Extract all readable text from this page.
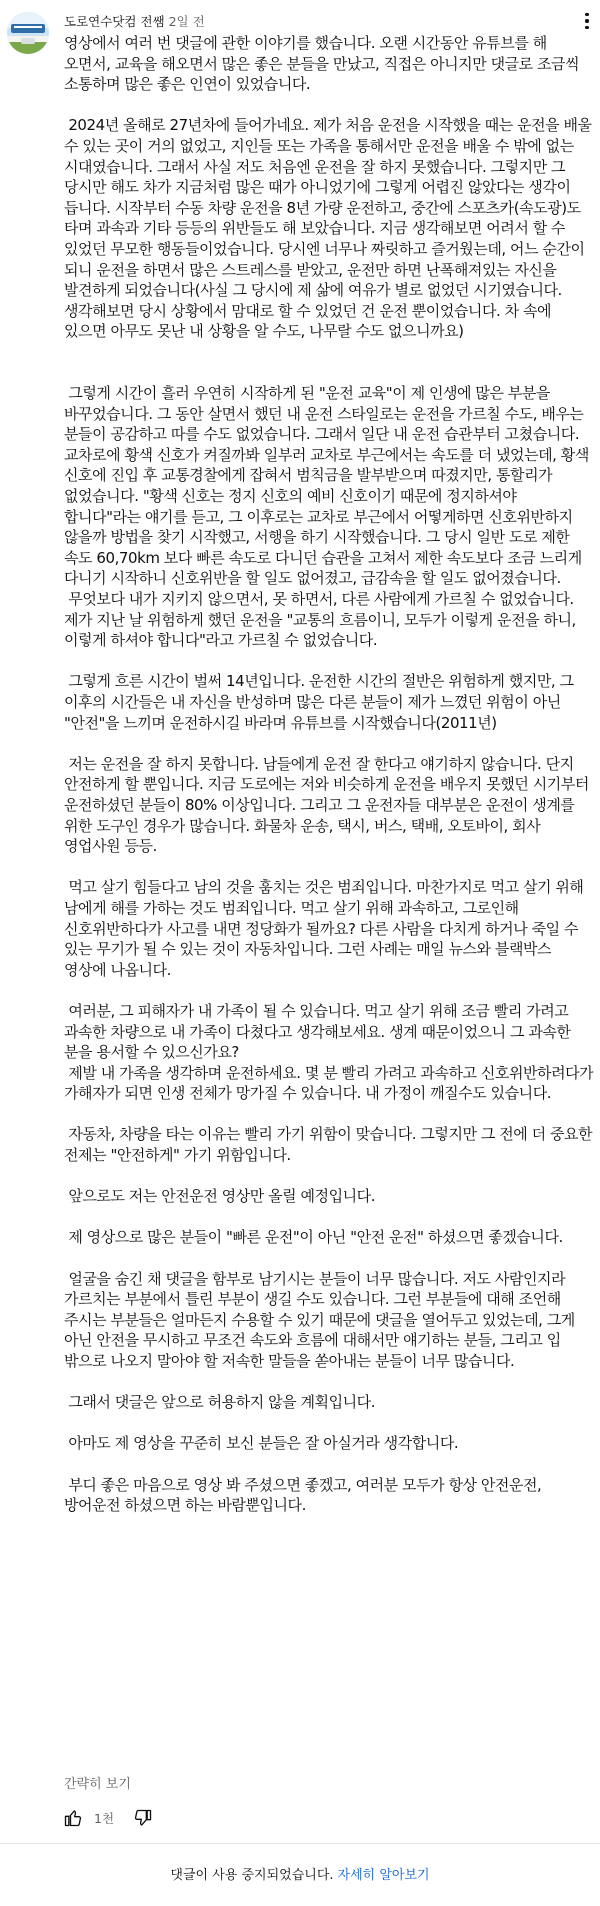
도로연수닷컴 전쌤 2일 전

영상에서 여러 번 댓글에 관한 이야기를 했습니다. 오랜 시간동안 유튜브를 해 오면서, 교육을 해오면서 많은 좋은 분들을 만났고, 직접은 아니지만 댓글로 조금씩 소통하며 많은 좋은 인연이 있었습니다.

2024년 올해로 27년차에 들어가네요. 제가 처음 운전을 시작했을 때는 운전을 배울 수 있는 곳이 거의 없었고, 지인들 또는 가족을 통해서만 운전을 배울 수 밖에 없는 시대였습니다. 그래서 사실 저도 처음엔 운전을 잘 하지 못했습니다. 그렇지만 그 당시만 해도 차가 지금처럼 많은 때가 아니었기에 그렇게 어렵진 않았다는 생각이 듭니다. 시작부터 수동 차량 운전을 8년 가량 운전하고, 중간에 스포츠카(속도광)도 타며 과속과 기타 등등의 위반들도 해 보았습니다. 지금 생각해보면 어려서 할 수 있었던 무모한 행동들이었습니다. 당시엔 너무나 짜릿하고 즐거웠는데, 어느 순간이 되니 운전을 하면서 많은 스트레스를 받았고, 운전만 하면 난폭해져있는 자신을 발견하게 되었습니다(사실 그 당시에 제 삶에 여유가 별로 없었던 시기였습니다. 생각해보면 당시 상황에서 맘대로 할 수 있었던 건 운전 뿐이었습니다. 차 속에 있으면 아무도 못난 내 상황을 알 수도, 나무랄 수도 없으니까요)

그렇게 시간이 흘러 우연히 시작하게 된 "운전 교육"이 제 인생에 많은 부분을 바꾸었습니다. 그 동안 살면서 했던 내 운전 스타일로는 운전을 가르칠 수도, 배우는 분들이 공감하고 따를 수도 없었습니다. 그래서 일단 내 운전 습관부터 고쳤습니다. 교차로에 황색 신호가 켜질까봐 일부러 교차로 부근에서는 속도를 더 냈었는데, 황색 신호에 진입 후 교통경찰에게 잡혀서 범칙금을 발부받으며 따졌지만, 통할리가 없었습니다. "황색 신호는 정지 신호의 예비 신호이기 때문에 정지하셔야 합니다"라는 얘기를 듣고, 그 이후로는 교차로 부근에서 어떻게하면 신호위반하지 않을까 방법을 찾기 시작했고, 서행을 하기 시작했습니다. 그 당시 일반 도로 제한 속도 60,70km 보다 빠른 속도로 다니던 습관을 고쳐서 제한 속도보다 조금 느리게 다니기 시작하니 신호위반을 할 일도 없어졌고, 급감속을 할 일도 없어졌습니다.

무엇보다 내가 지키지 않으면서, 못 하면서, 다른 사람에게 가르칠 수 없었습니다. 제가 지난 날 위험하게 했던 운전을 "교통의 흐름이니, 모두가 이렇게 운전을 하니, 이렇게 하셔야 합니다"라고 가르칠 수 없었습니다.

그렇게 흐른 시간이 벌써 14년입니다. 운전한 시간의 절반은 위험하게 했지만, 그 이후의 시간들은 내 자신을 반성하며 많은 다른 분들이 제가 느꼈던 위험이 아닌 "안전"을 느끼며 운전하시길 바라며 유튜브를 시작했습니다(2011년)

저는 운전을 잘 하지 못합니다. 남들에게 운전 잘 한다고 얘기하지 않습니다. 단지 안전하게 할 뿐입니다. 지금 도로에는 저와 비슷하게 운전을 배우지 못했던 시기부터 운전하셨던 분들이 80% 이상입니다. 그리고 그 운전자들 대부분은 운전이 생계를 위한 도구인 경우가 많습니다. 화물차 운송, 택시, 버스, 택배, 오토바이, 회사 영업사원 등등.

먹고 살기 힘들다고 남의 것을 훔치는 것은 범죄입니다. 마찬가지로 먹고 살기 위해 남에게 해를 가하는 것도 범죄입니다. 먹고 살기 위해 과속하고, 그로인해 신호위반하다가 사고를 내면 정당화가 될까요? 다른 사람을 다치게 하거나 죽일 수 있는 무기가 될 수 있는 것이 자동차입니다. 그런 사례는 매일 뉴스와 블랙박스 영상에 나옵니다.

여러분, 그 피해자가 내 가족이 될 수 있습니다. 먹고 살기 위해 조금 빨리 가려고 과속한 차량으로 내 가족이 다쳤다고 생각해보세요. 생계 때문이었으니 그 과속한 분을 용서할 수 있으신가요?

제발 내 가족을 생각하며 운전하세요. 몇 분 빨리 가려고 과속하고 신호위반하려다가 가해자가 되면 인생 전체가 망가질 수 있습니다. 내 가정이 깨질수도 있습니다.

자동차, 차량을 타는 이유는 빨리 가기 위함이 맞습니다. 그렇지만 그 전에 더 중요한 전제는 "안전하게" 가기 위함입니다.

앞으로도 저는 안전운전 영상만 올릴 예정입니다.

제 영상으로 많은 분들이 "빠른 운전"이 아닌 "안전 운전" 하셨으면 좋겠습니다.

얼굴을 숨긴 채 댓글을 함부로 남기시는 분들이 너무 많습니다. 저도 사람인지라 가르치는 부분에서 틀린 부분이 생길 수도 있습니다. 그런 부분들에 대해 조언해 주시는 부분들은 얼마든지 수용할 수 있기 때문에 댓글을 열어두고 있었는데, 그게 아닌 안전을 무시하고 무조건 속도와 흐름에 대해서만 얘기하는 분들, 그리고 입 밖으로 나오지 말아야 할 저속한 말들을 쏟아내는 분들이 너무 많습니다.

그래서 댓글은 앞으로 허용하지 않을 계획입니다.

아마도 제 영상을 꾸준히 보신 분들은 잘 아실거라 생각합니다.

부디 좋은 마음으로 영상 봐 주셨으면 좋겠고, 여러분 모두가 항상 안전운전, 방어운전 하셨으면 하는 바람뿐입니다.

간략히 보기
1천
댓글이 사용 중지되었습니다. 자세히 알아보기
